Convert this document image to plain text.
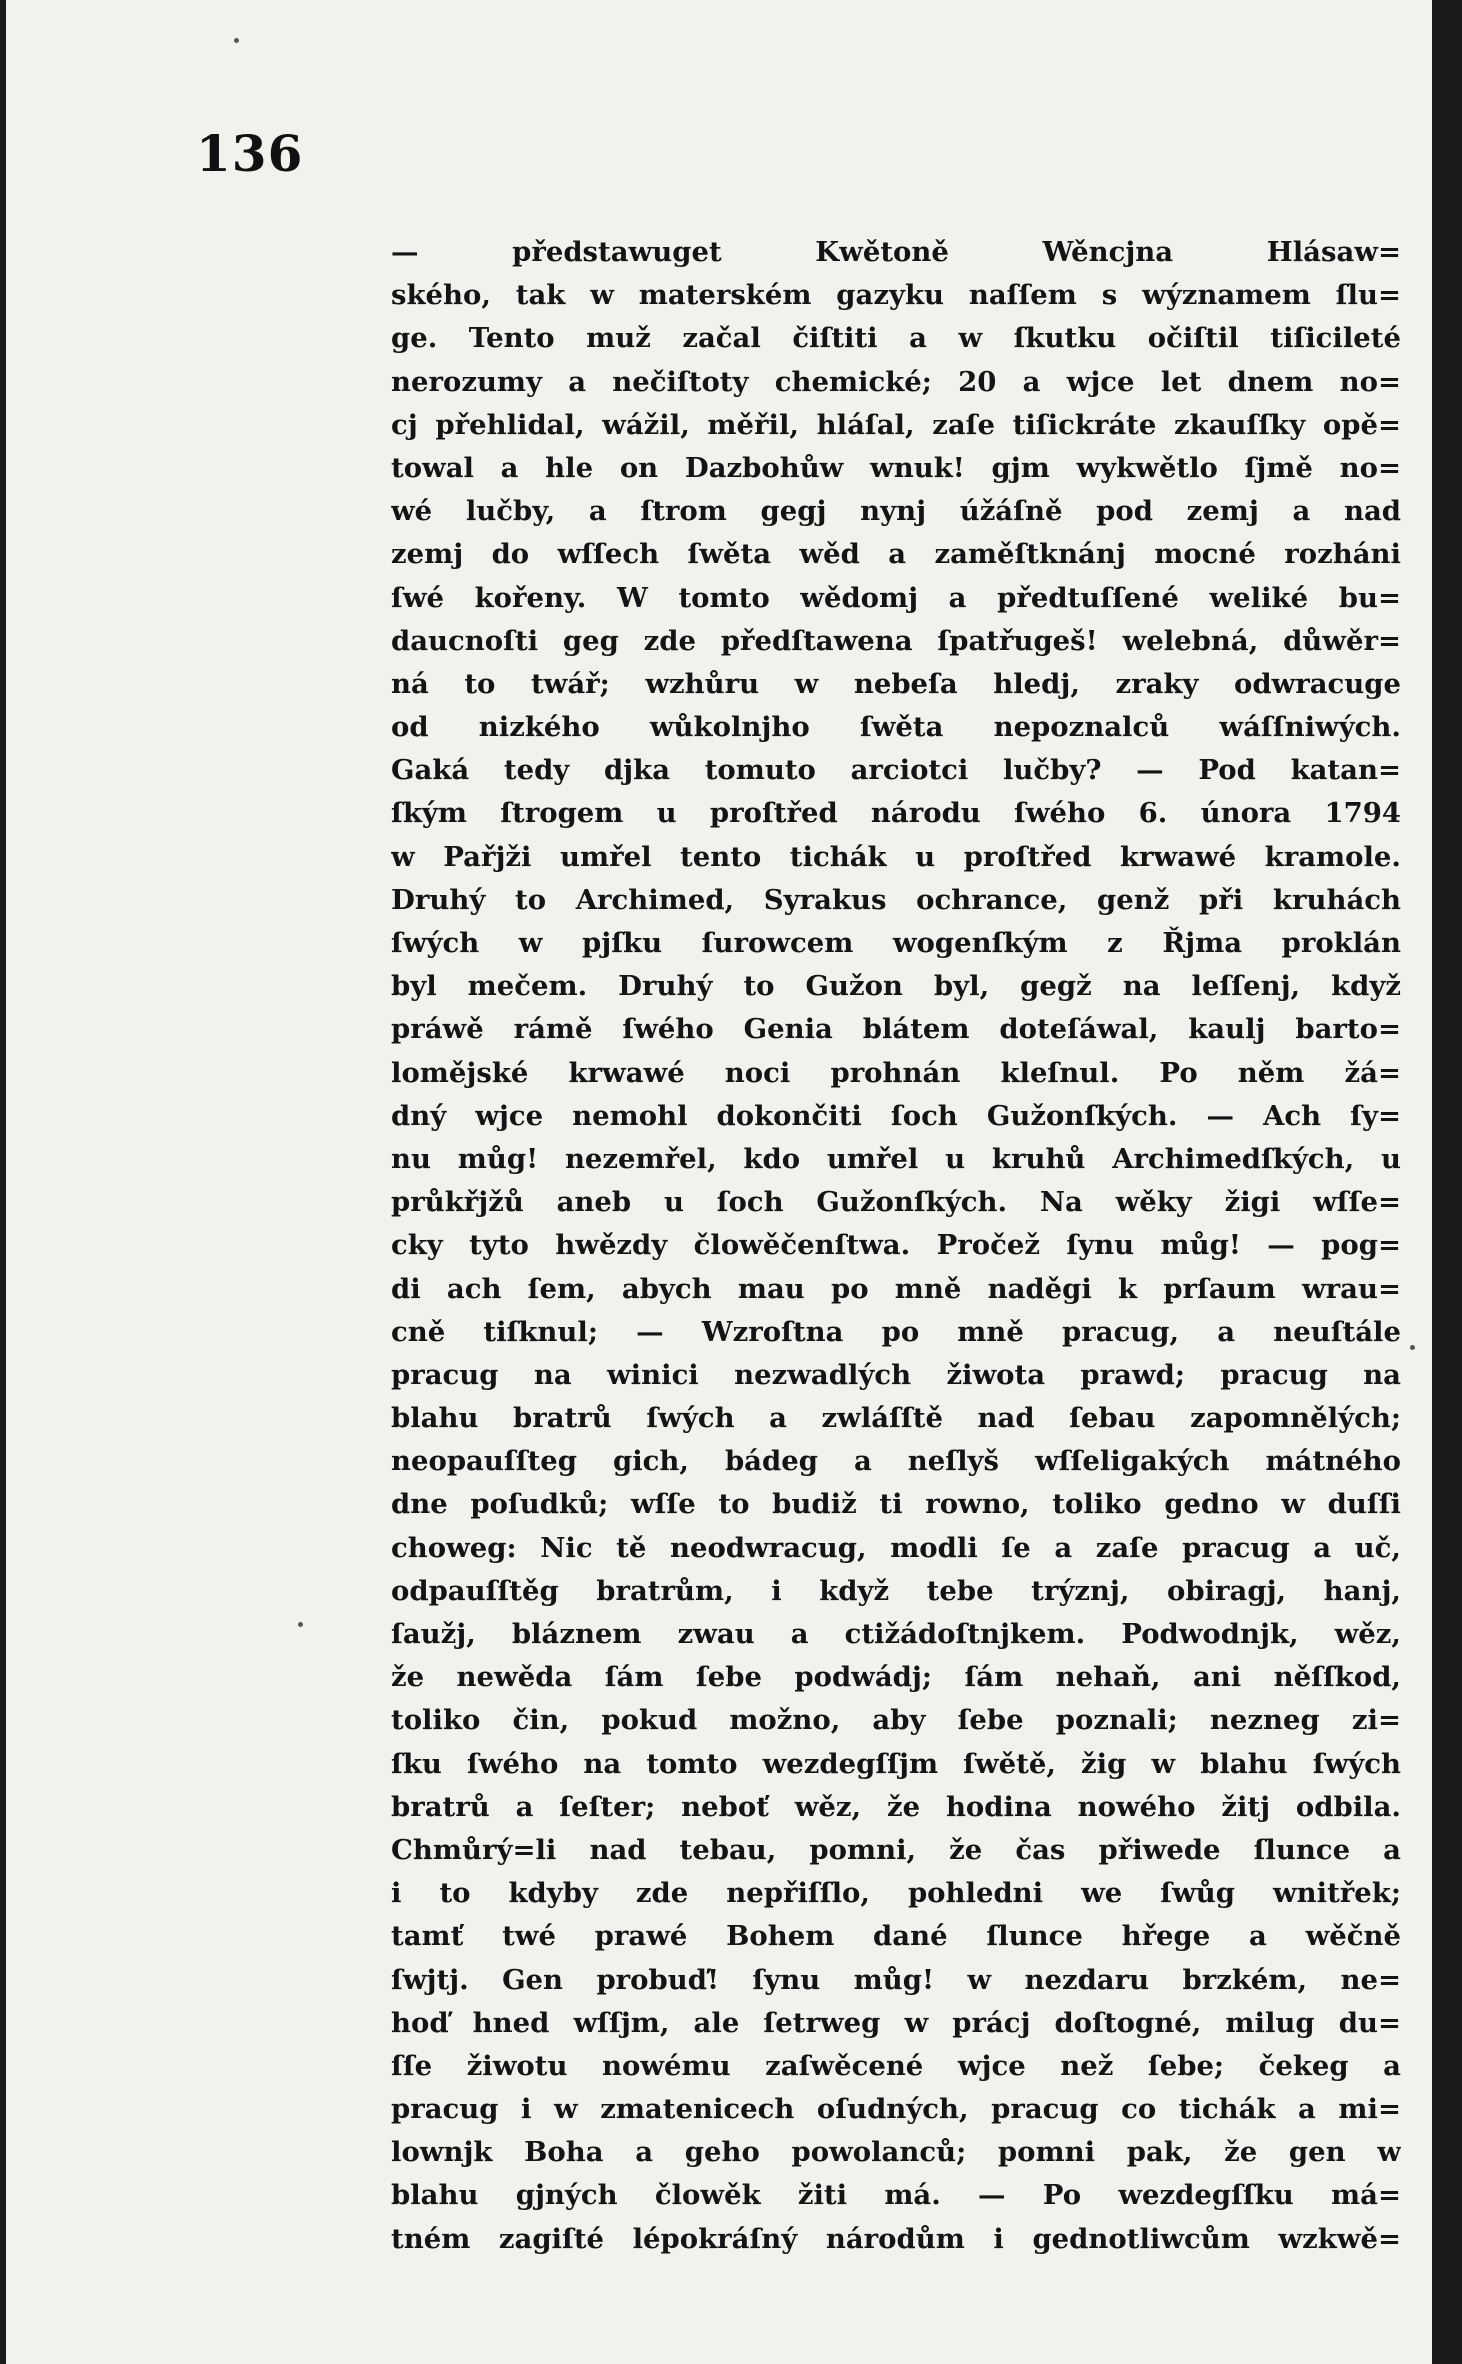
136
— předstawuget Kwětoně Wěncjna Hlásaw=
ského, tak w materském gazyku naſſem s wýznamem ſlu=
ge. Tento muž začal čiſtiti a w ſkutku očiſtil tiſicileté
nerozumy a nečiſtoty chemické; 20 a wjce let dnem no=
cj přehlidal, wážil, měřil, hláſal, zaſe tiſickráte zkauſſky opě=
towal a hle on Dazbohůw wnuk! gjm wykwětlo ſjmě no=
wé lučby, a ſtrom gegj nynj úžáſně pod zemj a nad
zemj do wſſech ſwěta wěd a zaměſtknánj mocné rozháni
ſwé kořeny. W tomto wědomj a předtuſſené weliké bu=
daucnoſti geg zde předſtawena ſpatřugeš! welebná, důwěr=
ná to twář; wzhůru w nebeſa hledj, zraky odwracuge
od nizkého wůkolnjho ſwěta nepoznalců wáſſniwých.
Gaká tedy djka tomuto arciotci lučby? — Pod katan=
ſkým ſtrogem u proſtřed národu ſwého 6. února 1794
w Pařjži umřel tento tichák u proſtřed krwawé kramole.
Druhý to Archimed, Syrakus ochrance, genž při kruhách
ſwých w pjſku ſurowcem wogenſkým z Řjma proklán
byl mečem. Druhý to Gužon byl, gegž na leſſenj, když
práwě rámě ſwého Genia blátem doteſáwal, kaulj barto=
lomějské krwawé noci prohnán kleſnul. Po něm žá=
dný wjce nemohl dokončiti ſoch Gužonſkých. — Ach ſy=
nu můg! nezemřel, kdo umřel u kruhů Archimedſkých, u
průkřjžů aneb u ſoch Gužonſkých. Na wěky žigi wſſe=
cky tyto hwězdy člowěčenſtwa. Pročež ſynu můg! — pog=
di ach ſem, abych mau po mně naděgi k prſaum wrau=
cně tiſknul; — Wzroſtna po mně pracug, a neuſtále
pracug na winici nezwadlých žiwota prawd; pracug na
blahu bratrů ſwých a zwláſſtě nad ſebau zapomnělých;
neopauſſteg gich, bádeg a neſlyš wſſeligakých mátného
dne poſudků; wſſe to budiž ti rowno, toliko gedno w duſſi
choweg: Nic tě neodwracug, modli ſe a zaſe pracug a uč,
odpauſſtěg bratrům, i když tebe trýznj, obiragj, hanj,
ſaužj, bláznem zwau a ctižádoſtnjkem. Podwodnjk, wěz,
že newěda ſám ſebe podwádj; ſám nehaň, ani něſſkod,
toliko čin, pokud možno, aby ſebe poznali; nezneg zi=
ſku ſwého na tomto wezdegſſjm ſwětě, žig w blahu ſwých
bratrů a ſeſter; neboť wěz, že hodina nowého žitj odbila.
Chmůrý=li nad tebau, pomni, že čas přiwede ſlunce a
i to kdyby zde nepřiſſlo, pohledni we ſwůg wnitřek;
tamť twé prawé Bohem dané ſlunce hřege a wěčně
ſwjtj. Gen probuď! ſynu můg! w nezdaru brzkém, ne=
hoď hned wſſjm, ale ſetrweg w prácj doſtogné, milug du=
ſſe žiwotu nowému zaſwěcené wjce než ſebe; čekeg a
pracug i w zmatenicech oſudných, pracug co tichák a mi=
lownjk Boha a geho powolanců; pomni pak, že gen w
blahu gjných člowěk žiti má. — Po wezdegſſku má=
tném zagiſté lépokráſný národům i gednotliwcům wzkwě=
